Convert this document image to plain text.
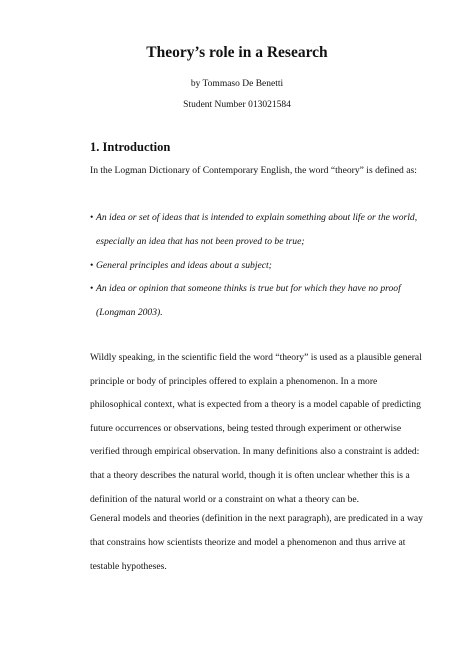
Theory’s role in a Research
by Tommaso De Benetti
Student Number 013021584
1. Introduction
In the Logman Dictionary of Contemporary English, the word “theory” is defined as:
• An idea or set of ideas that is intended to explain something about life or the world,
especially an idea that has not been proved to be true;
• General principles and ideas about a subject;
• An idea or opinion that someone thinks is true but for which they have no proof
(Longman 2003).
Wildly speaking, in the scientific field the word “theory” is used as a plausible general
principle or body of principles offered to explain a phenomenon. In a more
philosophical context, what is expected from a theory is a model capable of predicting
future occurrences or observations, being tested through experiment or otherwise
verified through empirical observation. In many definitions also a constraint is added:
that a theory describes the natural world, though it is often unclear whether this is a
definition of the natural world or a constraint on what a theory can be.
General models and theories (definition in the next paragraph), are predicated in a way
that constrains how scientists theorize and model a phenomenon and thus arrive at
testable hypotheses.
